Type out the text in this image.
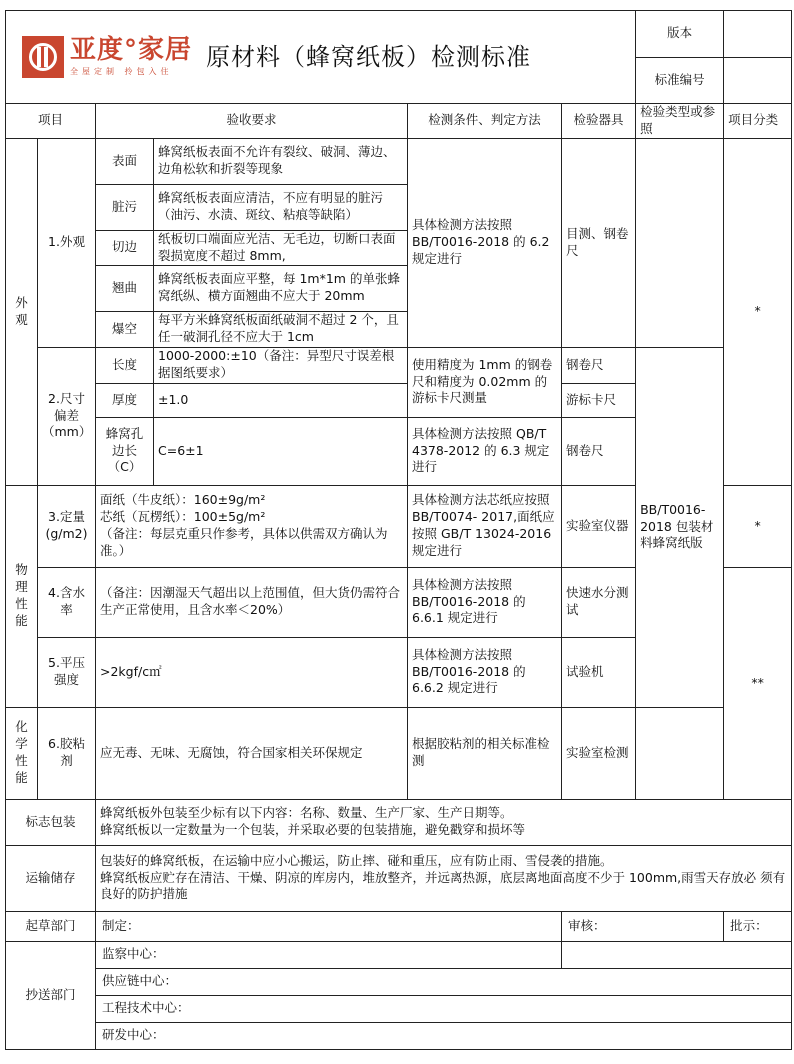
亚度°家居
全屋定制 拎包入住
原材料（蜂窝纸板）检测标准						版本	
						标准编号	
项目		验收要求		检测条件、判定方法	检验器具	检验类型或参照	项目分类
外观	1.外观	表面	蜂窝纸板表面不允许有裂纹、破洞、薄边、边角松软和折裂等现象	具体检测方法按照 BB/T0016-2018 的 6.2 规定进行	目测、钢卷尺		*
		脏污	蜂窝纸板表面应清洁，不应有明显的脏污（油污、水渍、斑纹、粘痕等缺陷）				
		切边	纸板切口端面应光洁、无毛边，切断口表面裂损宽度不超过 8mm,				
		翘曲	蜂窝纸板表面应平整，每 1m*1m 的单张蜂窝纸纵、横方面翘曲不应大于 20mm				
		爆空	每平方米蜂窝纸板面纸破洞不超过 2 个，且任一破洞孔径不应大于 1cm				
	2.尺寸偏差（mm）	长度	1000-2000:±10（备注：异型尺寸误差根据图纸要求）	使用精度为 1mm 的钢卷尺和精度为 0.02mm 的游标卡尺测量	钢卷尺	BB/T0016-2018 包装材料蜂窝纸版	
		厚度	±1.0		游标卡尺		
		蜂窝孔边长（C）	C=6±1	具体检测方法按照 QB/T 4378-2012 的 6.3 规定进行	钢卷尺		
物理性能	3.定量(g/m2)	面纸（牛皮纸）：160±9g/m²
芯纸（瓦楞纸）：100±5g/m²
（备注：每层克重只作参考，具体以供需双方确认为准。）		具体检测方法芯纸应按照 BB/T0074- 2017,面纸应按照 GB/T 13024-2016 规定进行	实验室仪器		*
	4.含水率	（备注：因潮湿天气超出以上范围值，但大货仍需符合生产正常使用，且含水率＜20%）		具体检测方法按照 BB/T0016-2018 的 6.6.1 规定进行	快速水分测试		**
	5.平压强度	>2kgf/c㎡		具体检测方法按照 BB/T0016-2018 的 6.6.2 规定进行	试验机		
化学性能	6.胶粘剂	应无毒、无味、无腐蚀，符合国家相关环保规定		根据胶粘剂的相关标准检测	实验室检测		
标志包装		蜂窝纸板外包装至少标有以下内容：名称、数量、生产厂家、生产日期等。
蜂窝纸板以一定数量为一个包装，并采取必要的包装措施，避免戳穿和损坏等					

运输储存		包装好的蜂窝纸板，在运输中应小心搬运，防止摔、碰和重压，应有防止雨、雪侵袭的措施。
蜂窝纸板应贮存在清洁、干燥、阴凉的库房内，堆放整齐，并远离热源，底层离地面高度不少于 100mm,雨雪天存放必 须有良好的防护措施					

起草部门		制定：			审核：		批示：
抄送部门		监察中心：					
		供应链中心：					
		工程技术中心：					
		研发中心：					
